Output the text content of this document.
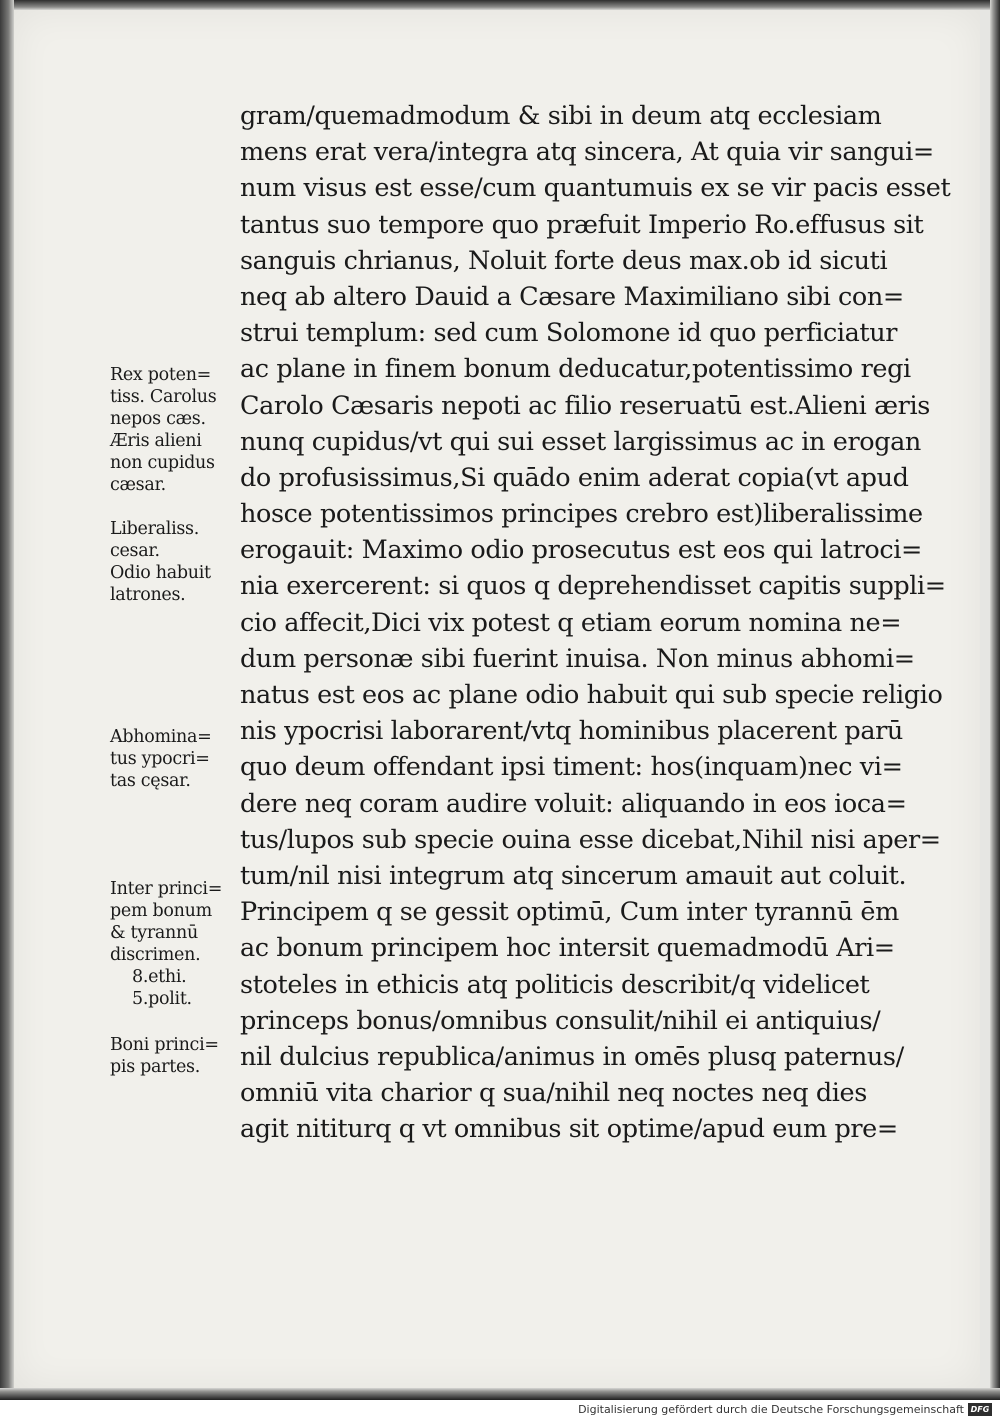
gram/quemadmodum & sibi in deum atq ecclesiam
mens erat vera/integra atq sincera, At quia vir sangui=
num visus est esse/cum quantumuis ex se vir pacis esset
tantus suo tempore quo præfuit Imperio Ro.effusus sit
sanguis chrianus, Noluit forte deus max.ob id sicuti
neq ab altero Dauid a Cæsare Maximiliano sibi con=
strui templum: sed cum Solomone id quo perficiatur
ac plane in finem bonum deducatur,potentissimo regi
Carolo Cæsaris nepoti ac filio reseruatū est.Alieni æris
nunq cupidus/vt qui sui esset largissimus ac in erogan
do profusissimus,Si quādo enim aderat copia(vt apud
hosce potentissimos principes crebro est)liberalissime
erogauit: Maximo odio prosecutus est eos qui latroci=
nia exercerent: si quos q deprehendisset capitis suppli=
cio affecit,Dici vix potest q etiam eorum nomina ne=
dum personæ sibi fuerint inuisa. Non minus abhomi=
natus est eos ac plane odio habuit qui sub specie religio
nis ypocrisi laborarent/vtq hominibus placerent parū
quo deum offendant ipsi timent: hos(inquam)nec vi=
dere neq coram audire voluit: aliquando in eos ioca=
tus/lupos sub specie ouina esse dicebat,Nihil nisi aper=
tum/nil nisi integrum atq sincerum amauit aut coluit.
Principem q se gessit optimū, Cum inter tyrannū ēm
ac bonum principem hoc intersit quemadmodū Ari=
stoteles in ethicis atq politicis describit/q videlicet
princeps bonus/omnibus consulit/nihil ei antiquius/
nil dulcius republica/animus in omēs plusq paternus/
omniū vita charior q sua/nihil neq noctes neq dies
agit nititurq q vt omnibus sit optime/apud eum pre=
Rex poten=
tiss. Carolus
nepos cæs.
Æris alieni
non cupidus
cæsar.
Liberaliss.
cesar.
Odio habuit
latrones.
Abhomina=
tus ypocri=
tas cęsar.
Inter princi=
pem bonum
& tyrannū
discrimen.
8.ethi.
5.polit.
Boni princi=
pis partes.
Digitalisierung gefördert durch die Deutsche Forschungsgemeinschaft DFG
